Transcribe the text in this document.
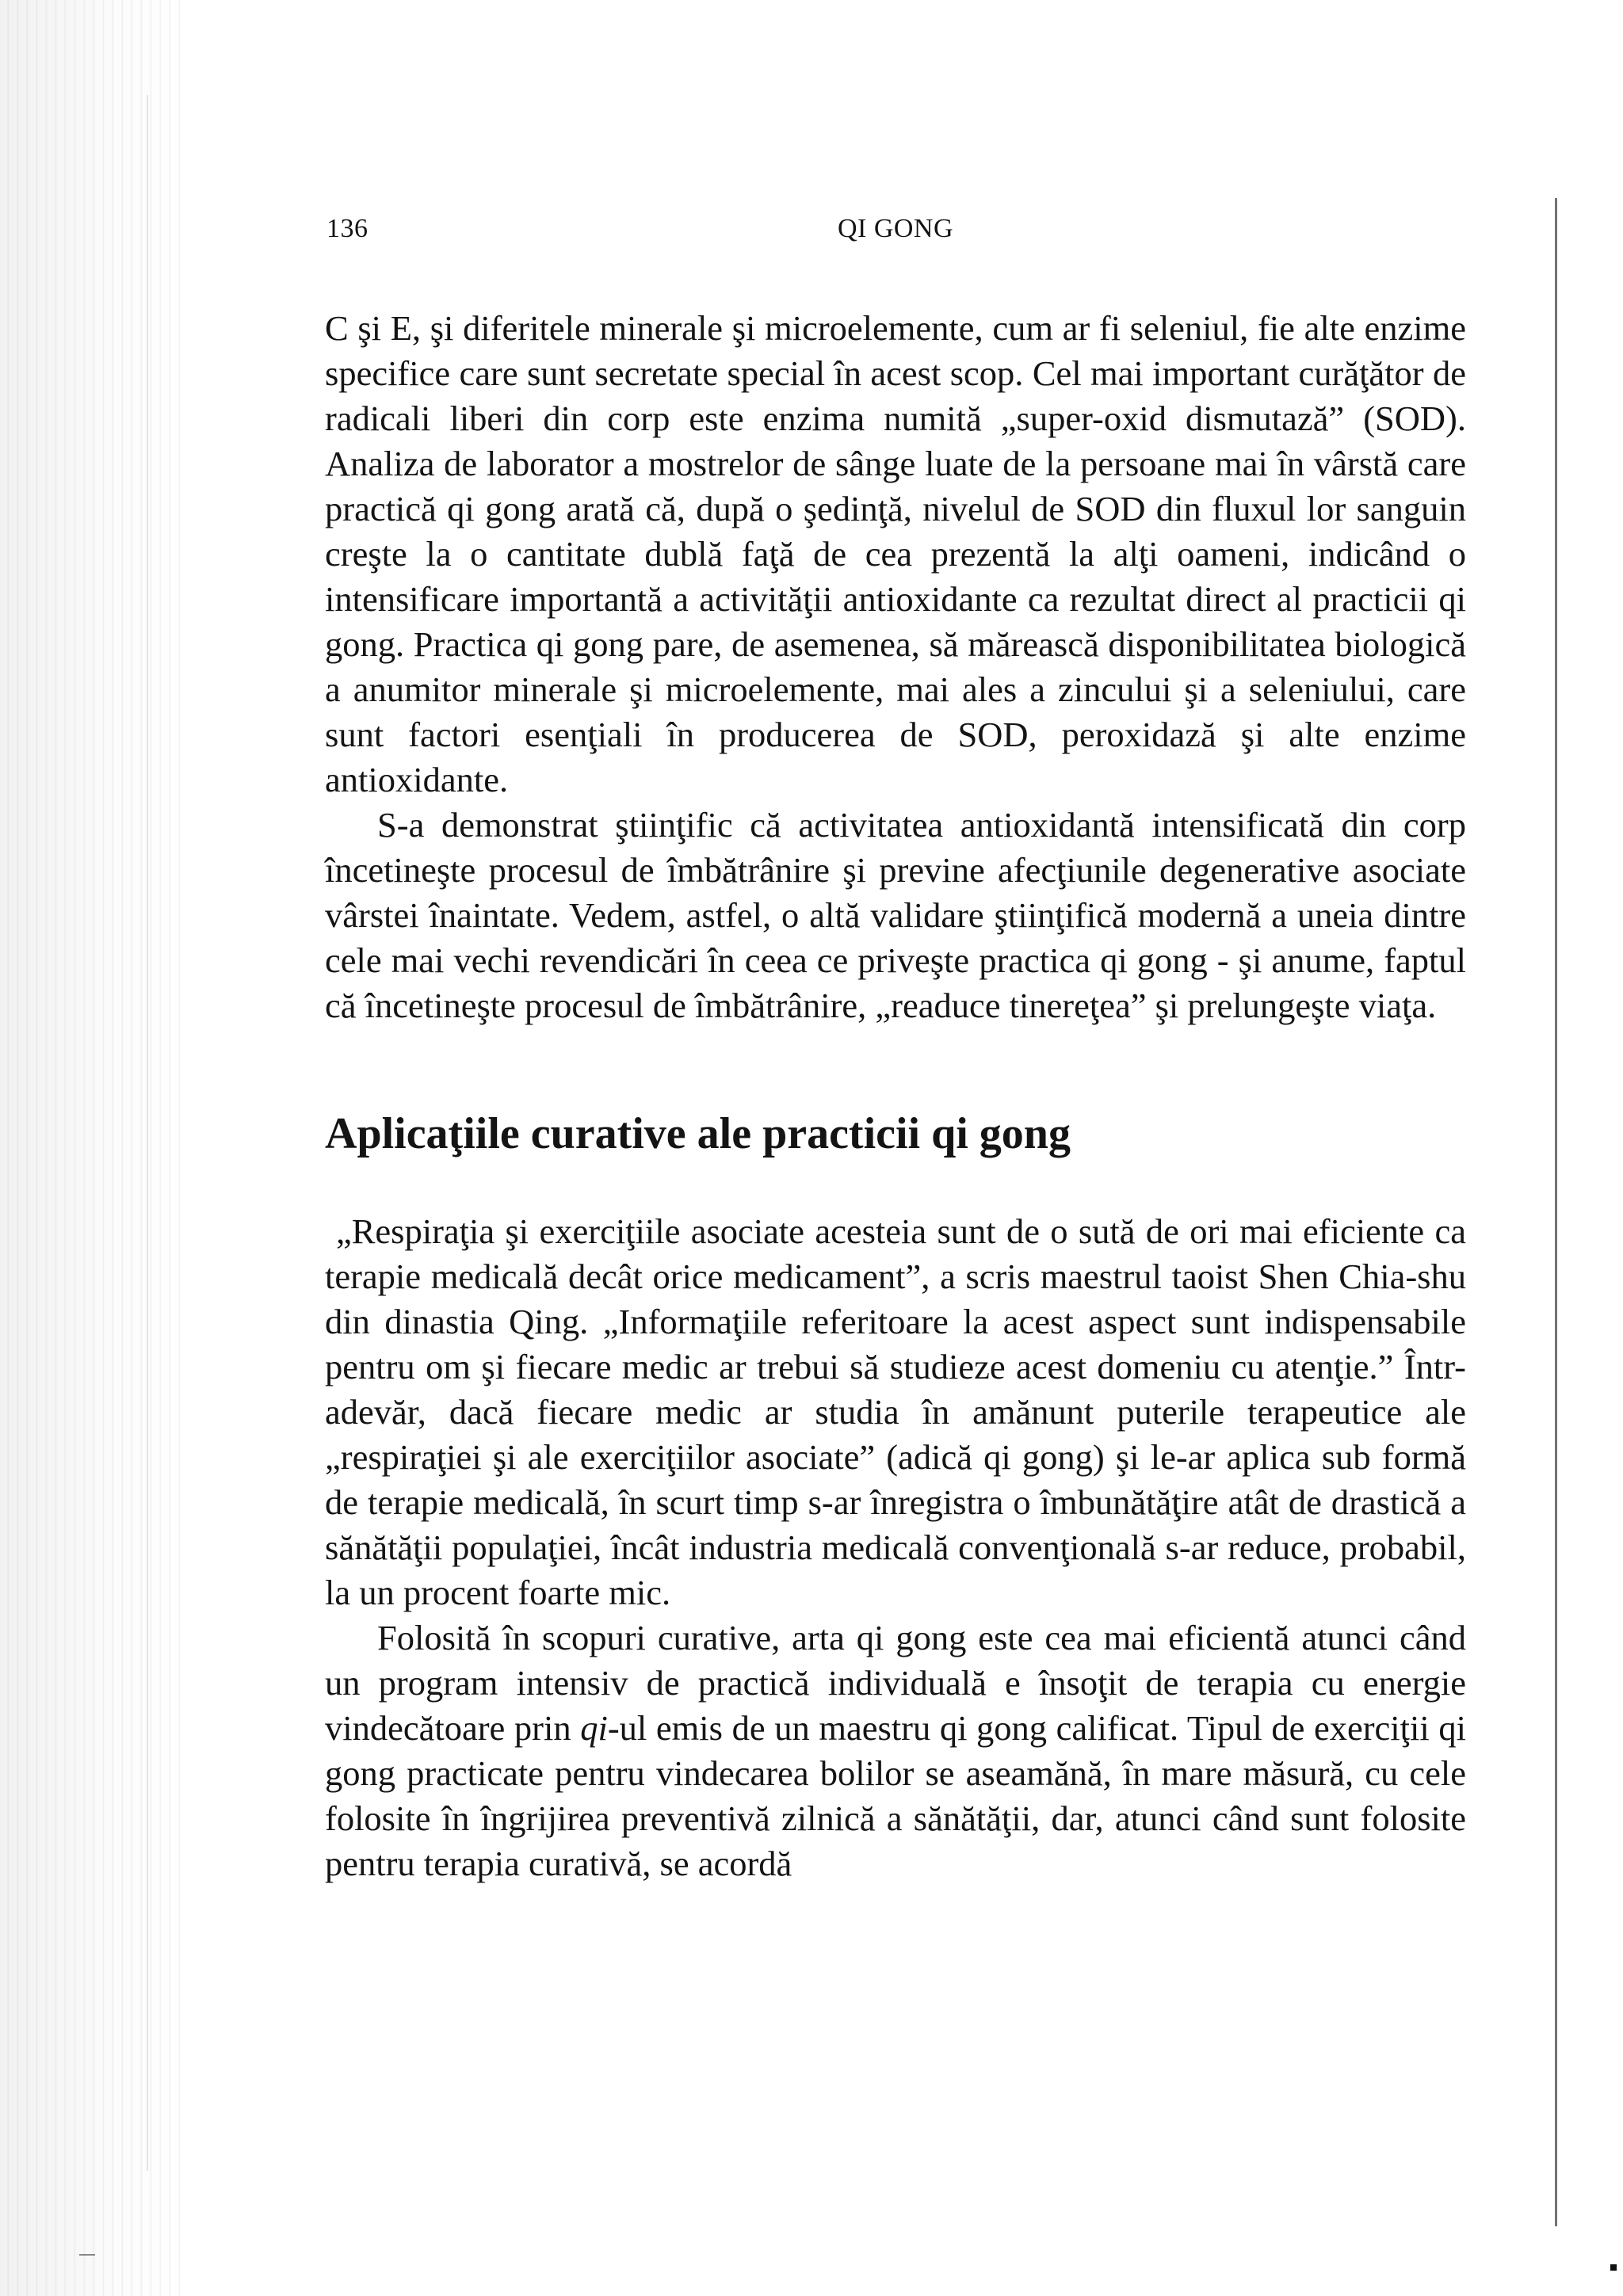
136	QI GONG

C şi E, şi diferitele minerale şi microelemente, cum ar fi seleniul, fie alte enzime specifice care sunt secretate special în acest scop. Cel mai important curăţător de radicali liberi din corp este enzima numită „super-oxid dismutază” (SOD). Analiza de laborator a mostrelor de sânge luate de la persoane mai în vârstă care practică qi gong arată că, după o şedinţă, nivelul de SOD din fluxul lor sanguin creşte la o cantitate dublă faţă de cea prezentă la alţi oameni, indicând o intensificare importantă a activităţii antioxidante ca rezultat direct al practicii qi gong. Practica qi gong pare, de asemenea, să mărească disponibilitatea biologică a anumitor minerale şi microelemente, mai ales a zincului şi a seleniului, care sunt factori esenţiali în producerea de SOD, peroxidază şi alte enzime antioxidante.

S-a demonstrat ştiinţific că activitatea antioxidantă intensificată din corp încetineşte procesul de îmbătrânire şi previne afecţiunile degenerative asociate vârstei înaintate. Vedem, astfel, o altă validare ştiinţifică modernă a uneia dintre cele mai vechi revendicări în ceea ce priveşte practica qi gong - şi anume, faptul că încetineşte procesul de îmbătrânire, „readuce tinereţea” şi prelungeşte viaţa.

Aplicaţiile curative ale practicii qi gong

„Respiraţia şi exerciţiile asociate acesteia sunt de o sută de ori mai eficiente ca terapie medicală decât orice medicament”, a scris maestrul taoist Shen Chia-shu din dinastia Qing. „Informaţiile referitoare la acest aspect sunt indispensabile pentru om şi fiecare medic ar trebui să studieze acest domeniu cu atenţie.” Într-adevăr, dacă fiecare medic ar studia în amănunt puterile terapeutice ale „respiraţiei şi ale exerciţiilor asociate” (adică qi gong) şi le-ar aplica sub formă de terapie medicală, în scurt timp s-ar înregistra o îmbunătăţire atât de drastică a sănătăţii populaţiei, încât industria medicală convenţională s-ar reduce, probabil, la un procent foarte mic.

Folosită în scopuri curative, arta qi gong este cea mai eficientă atunci când un program intensiv de practică individuală e însoţit de terapia cu energie vindecătoare prin qi-ul emis de un maestru qi gong calificat. Tipul de exerciţii qi gong practicate pentru vindecarea bolilor se aseamănă, în mare măsură, cu cele folosite în îngrijirea preventivă zilnică a sănătăţii, dar, atunci când sunt folosite pentru terapia curativă, se acordă
